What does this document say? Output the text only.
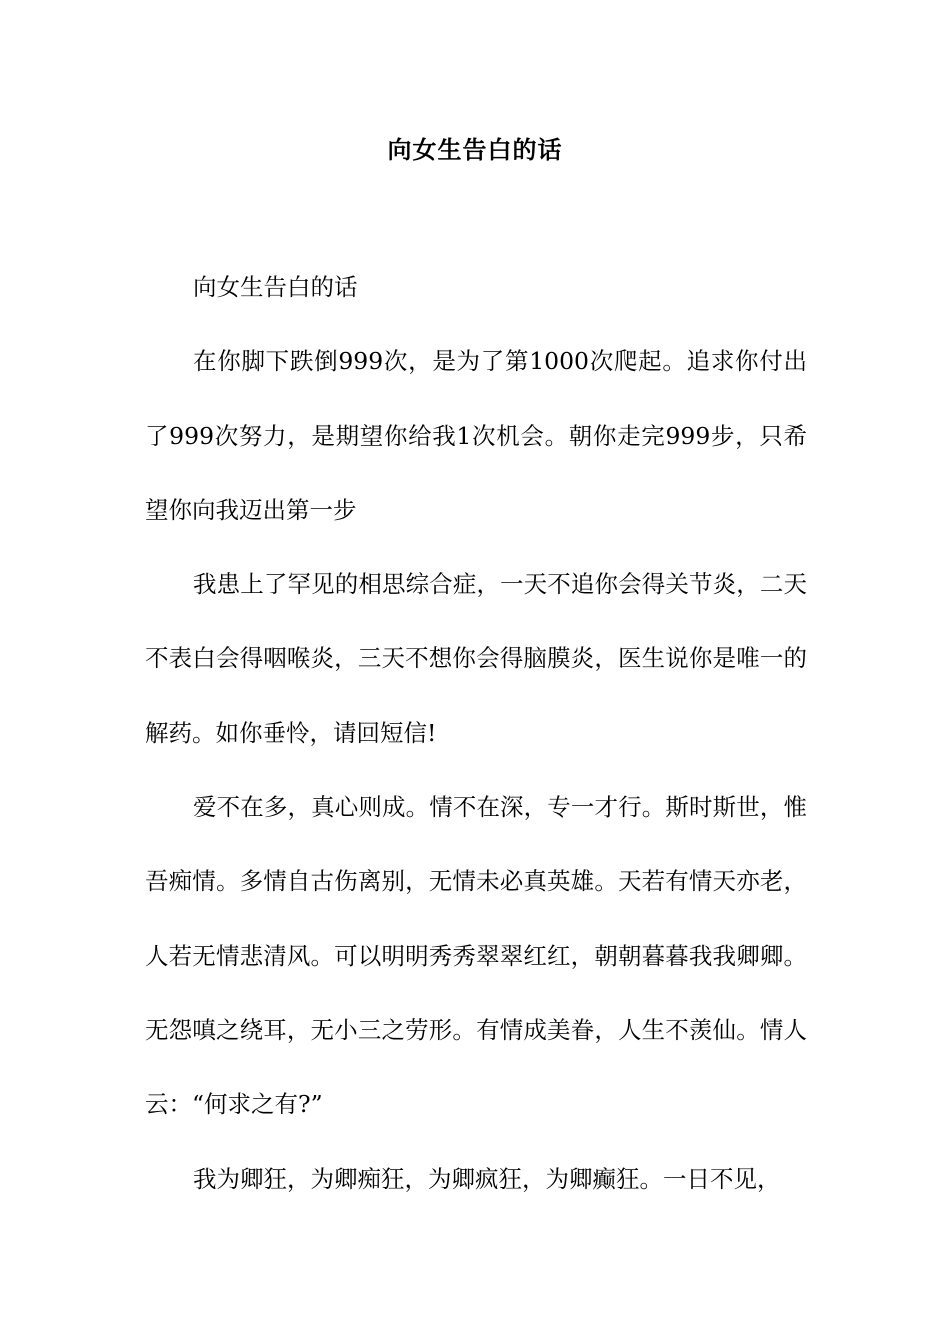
向女生告白的话

向女生告白的话

在你脚下跌倒999次，是为了第1000次爬起。追求你付出了999次努力，是期望你给我1次机会。朝你走完999步，只希望你向我迈出第一步

我患上了罕见的相思综合症，一天不追你会得关节炎，二天不表白会得咽喉炎，三天不想你会得脑膜炎，医生说你是唯一的解药。如你垂怜，请回短信!

爱不在多，真心则成。情不在深，专一才行。斯时斯世，惟吾痴情。多情自古伤离别，无情未必真英雄。天若有情天亦老，人若无情悲清风。可以明明秀秀翠翠红红，朝朝暮暮我我卿卿。无怨嗔之绕耳，无小三之劳形。有情成美眷，人生不羡仙。情人云：“何求之有?”

我为卿狂，为卿痴狂，为卿疯狂，为卿癫狂。一日不见，
